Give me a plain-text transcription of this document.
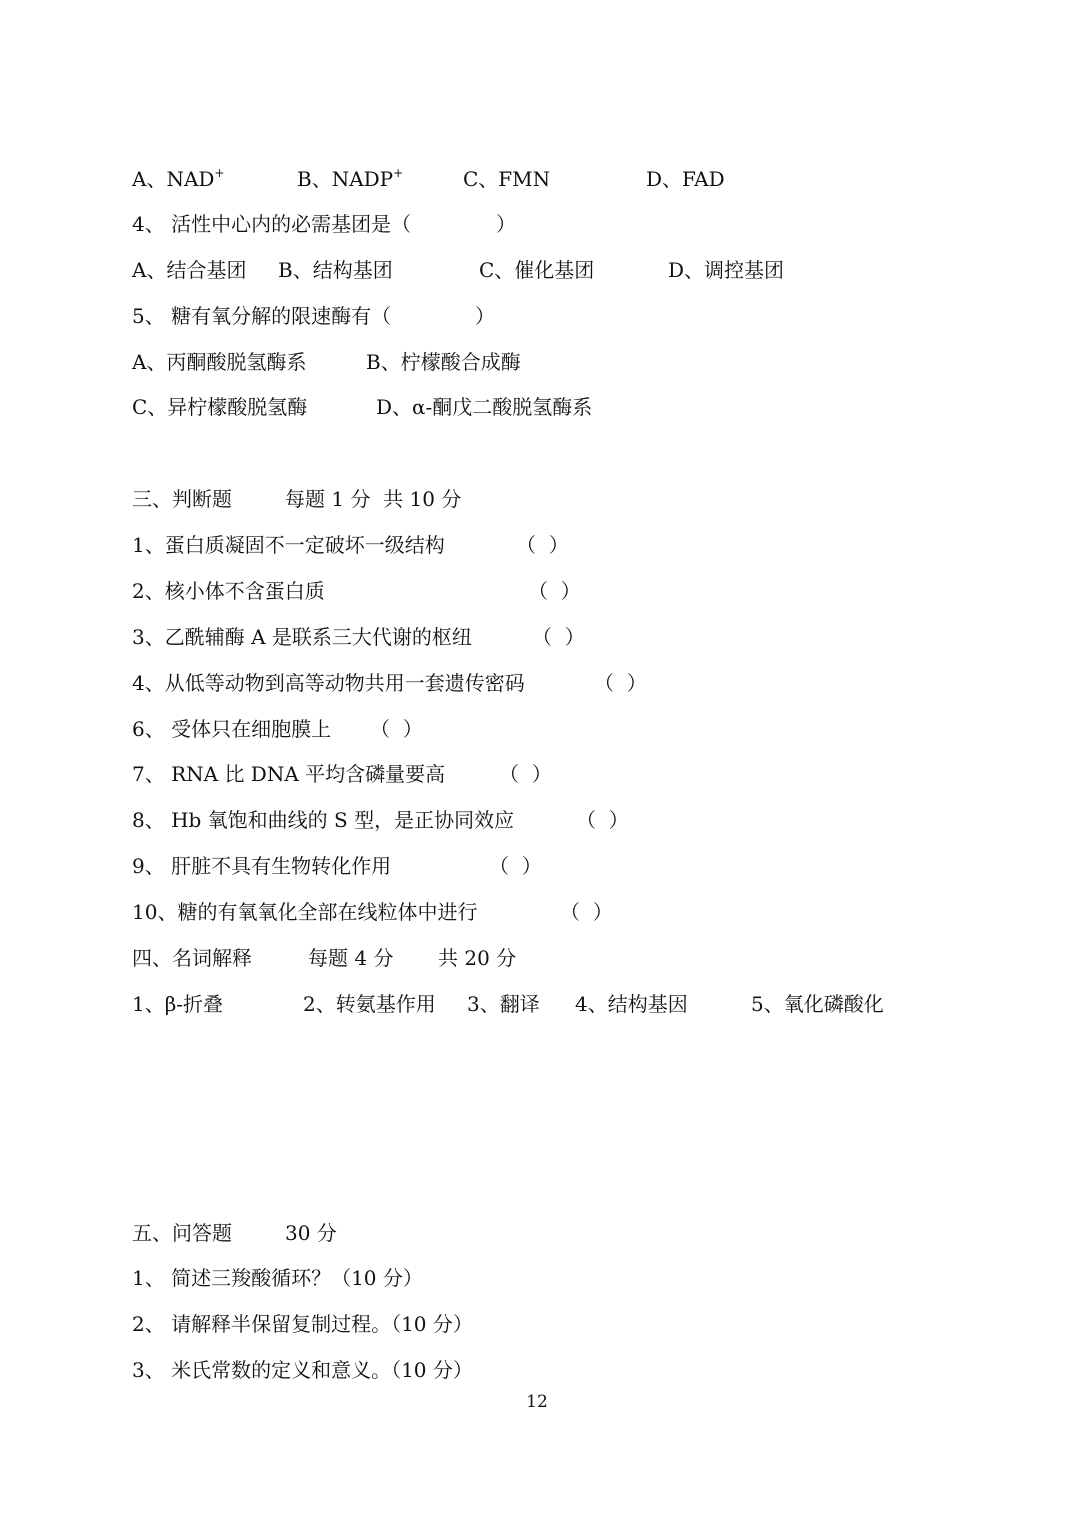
A、NAD+

	B、NADP+

	C、FMN

	D、FAD

4、 活性中心内的必需基团是（

	）

A、结合基团

B、结构基团

	C、催化基团

	D、调控基团

5、 糖有氧分解的限速酶有（

	）

A、丙酮酸脱氢酶系

	B、柠檬酸合成酶

C、异柠檬酸脱氢酶

	D、α-酮戊二酸脱氢酶系

三、判断题

	每题 1 分  共 10 分

1、蛋白质凝固不一定破坏一级结构

	（  ）

2、核小体不含蛋白质

	（  ）

3、乙酰辅酶 A 是联系三大代谢的枢纽

	（  ）

4、从低等动物到高等动物共用一套遗传密码

	（  ）

6、 受体只在细胞膜上

（  ）

7、 RNA 比 DNA 平均含磷量要高

	（  ）

8、 Hb 氧饱和曲线的 S 型，是正协同效应

	（  ）

9、 肝脏不具有生物转化作用

	（  ）

10、糖的有氧氧化全部在线粒体中进行

	（  ）

四、名词解释

	每题 4 分

共 20 分

1、β-折叠

	2、转氨基作用

3、翻译

4、结构基因

	5、氧化磷酸化

五、问答题

	30 分

1、 简述三羧酸循环？（10 分）
2、 请解释半保留复制过程。（10 分）
3、 米氏常数的定义和意义。（10 分）
12
